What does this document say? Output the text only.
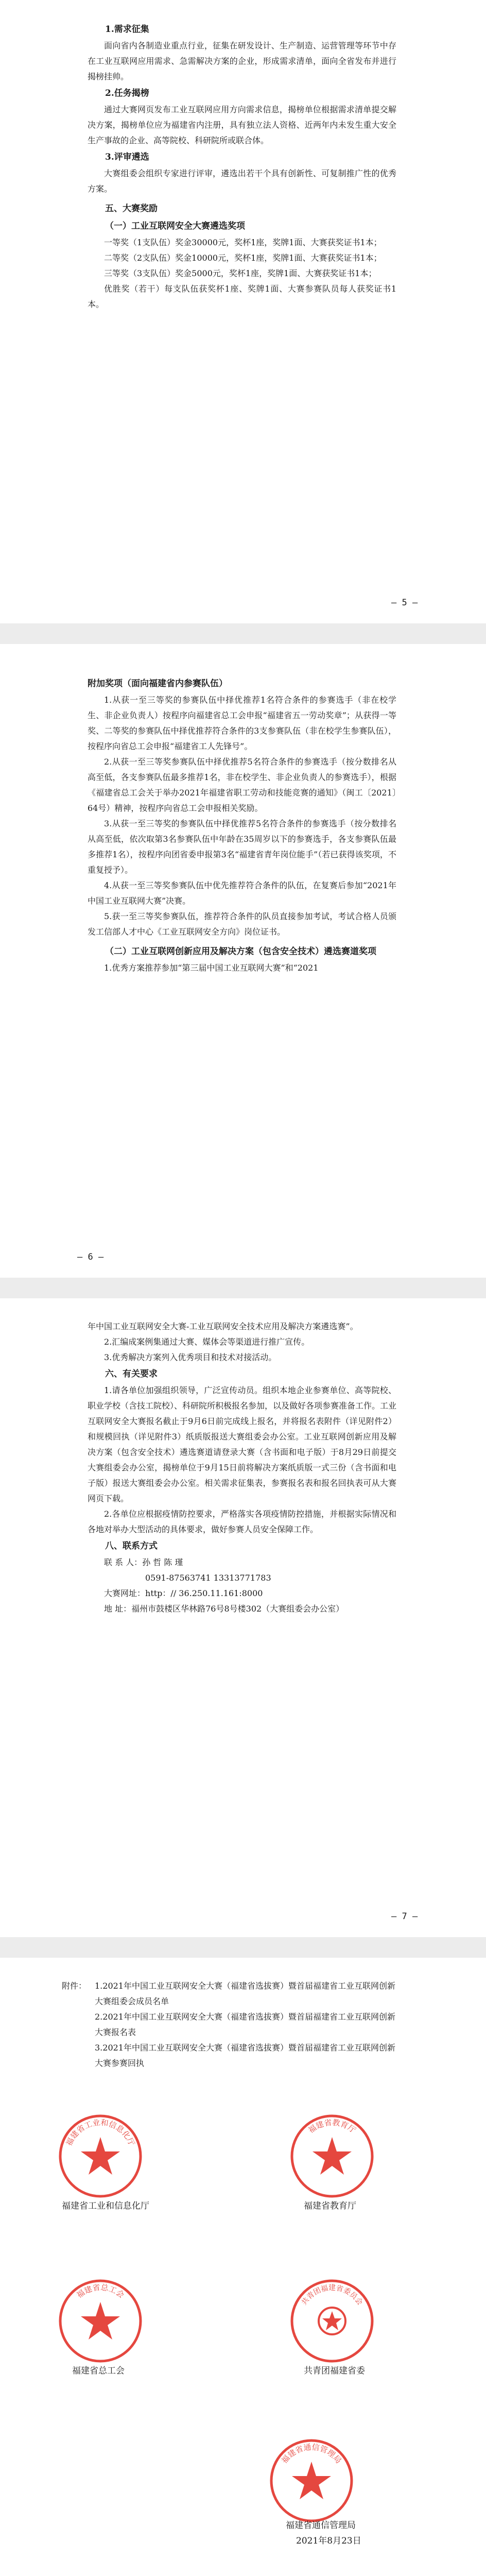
1.需求征集

面向省内各制造业重点行业，征集在研发设计、生产制造、运营管理等环节中存在工业互联网应用需求、急需解决方案的企业，形成需求清单，面向全省发布并进行揭榜挂帅。

2.任务揭榜

通过大赛网页发布工业互联网应用方向需求信息，揭榜单位根据需求清单提交解决方案，揭榜单位应为福建省内注册，具有独立法人资格、近两年内未发生重大安全生产事故的企业、高等院校、科研院所或联合体。

3.评审遴选

大赛组委会组织专家进行评审，遴选出若干个具有创新性、可复制推广性的优秀方案。

五、大赛奖励

（一）工业互联网安全大赛遴选奖项

一等奖（1支队伍）奖金30000元，奖杯1座，奖牌1面、大赛获奖证书1本；

二等奖（2支队伍）奖金10000元，奖杯1座，奖牌1面、大赛获奖证书1本；

三等奖（3支队伍）奖金5000元，奖杯1座，奖牌1面、大赛获奖证书1本；

优胜奖（若干）每支队伍获奖杯1座、奖牌1面、大赛参赛队员每人获奖证书1本。

— 5 —

附加奖项（面向福建省内参赛队伍）

1.从获一至三等奖的参赛队伍中择优推荐1名符合条件的参赛选手（非在校学生、非企业负责人）按程序向福建省总工会申报“福建省五一劳动奖章”；从获得一等奖、二等奖的参赛队伍中择优推荐符合条件的3支参赛队伍（非在校学生参赛队伍），按程序向省总工会申报“福建省工人先锋号”。

2.从获一至三等奖参赛队伍中择优推荐5名符合条件的参赛选手（按分数排名从高至低，各支参赛队伍最多推荐1名，非在校学生、非企业负责人的参赛选手），根据《福建省总工会关于举办2021年福建省职工劳动和技能竞赛的通知》（闽工〔2021〕64号）精神，按程序向省总工会申报相关奖励。

3.从获一至三等奖的参赛队伍中择优推荐5名符合条件的参赛选手（按分数排名从高至低，依次取第3名参赛队伍中年龄在35周岁以下的参赛选手，各支参赛队伍最多推荐1名），按程序向团省委申报第3名“福建省青年岗位能手”（若已获得该奖项，不重复授予）。

4.从获一至三等奖参赛队伍中优先推荐符合条件的队伍，在复赛后参加“2021年中国工业互联网大赛”决赛。

5.获一至三等奖参赛队伍，推荐符合条件的队员直接参加考试，考试合格人员颁发工信部人才中心《工业互联网安全方向》岗位证书。

（二）工业互联网创新应用及解决方案（包含安全技术）遴选赛道奖项

1.优秀方案推荐参加“第三届中国工业互联网大赛”和“2021

— 6 —

年中国工业互联网安全大赛-工业互联网安全技术应用及解决方案遴选赛”。

2.汇编成案例集通过大赛、媒体会等渠道进行推广宣传。

3.优秀解决方案列入优秀项目和技术对接活动。

六、有关要求

1.请各单位加强组织领导，广泛宣传动员。组织本地企业参赛单位、高等院校、职业学校（含技工院校）、科研院所积极报名参加，以及做好各项参赛准备工作。工业互联网安全大赛报名截止于9月6日前完成线上报名，并将报名表附件（详见附件2）和规模回执（详见附件3）纸质版报送大赛组委会办公室。工业互联网创新应用及解决方案（包含安全技术）遴选赛道请登录大赛（含书面和电子版）于8月29日前提交大赛组委会办公室，揭榜单位于9月15日前将解决方案纸质版一式三份（含书面和电子版）报送大赛组委会办公室。相关需求征集表，参赛报名表和报名回执表可从大赛网页下载。

2.各单位应根据疫情防控要求，严格落实各项疫情防控措施，并根据实际情况和各地对举办大型活动的具体要求，做好参赛人员安全保障工作。

八、联系方式

联 系 人：孙 哲 陈 瑾

0591-87563741 13313771783

大赛网址：http：// 36.250.11.161:8000

地 址：福州市鼓楼区华林路76号8号楼302（大赛组委会办公室）

— 7 —
附件： 1.2021年中国工业互联网安全大赛（福建省选拔赛）暨首届福建省工业互联网创新大赛组委会成员名单

2.2021年中国工业互联网安全大赛（福建省选拔赛）暨首届福建省工业互联网创新大赛报名表

3.2021年中国工业互联网安全大赛（福建省选拔赛）暨首届福建省工业互联网创新大赛参赛回执

福建省工业和信息化厅
福建省教育厅
福建省总工会
共青团福建省委员会
福建省通信管理局
福建省工业和信息化厅	福建省教育厅
福建省总工会	共青团福建省委
福建省通信管理局
2021年8月23日
